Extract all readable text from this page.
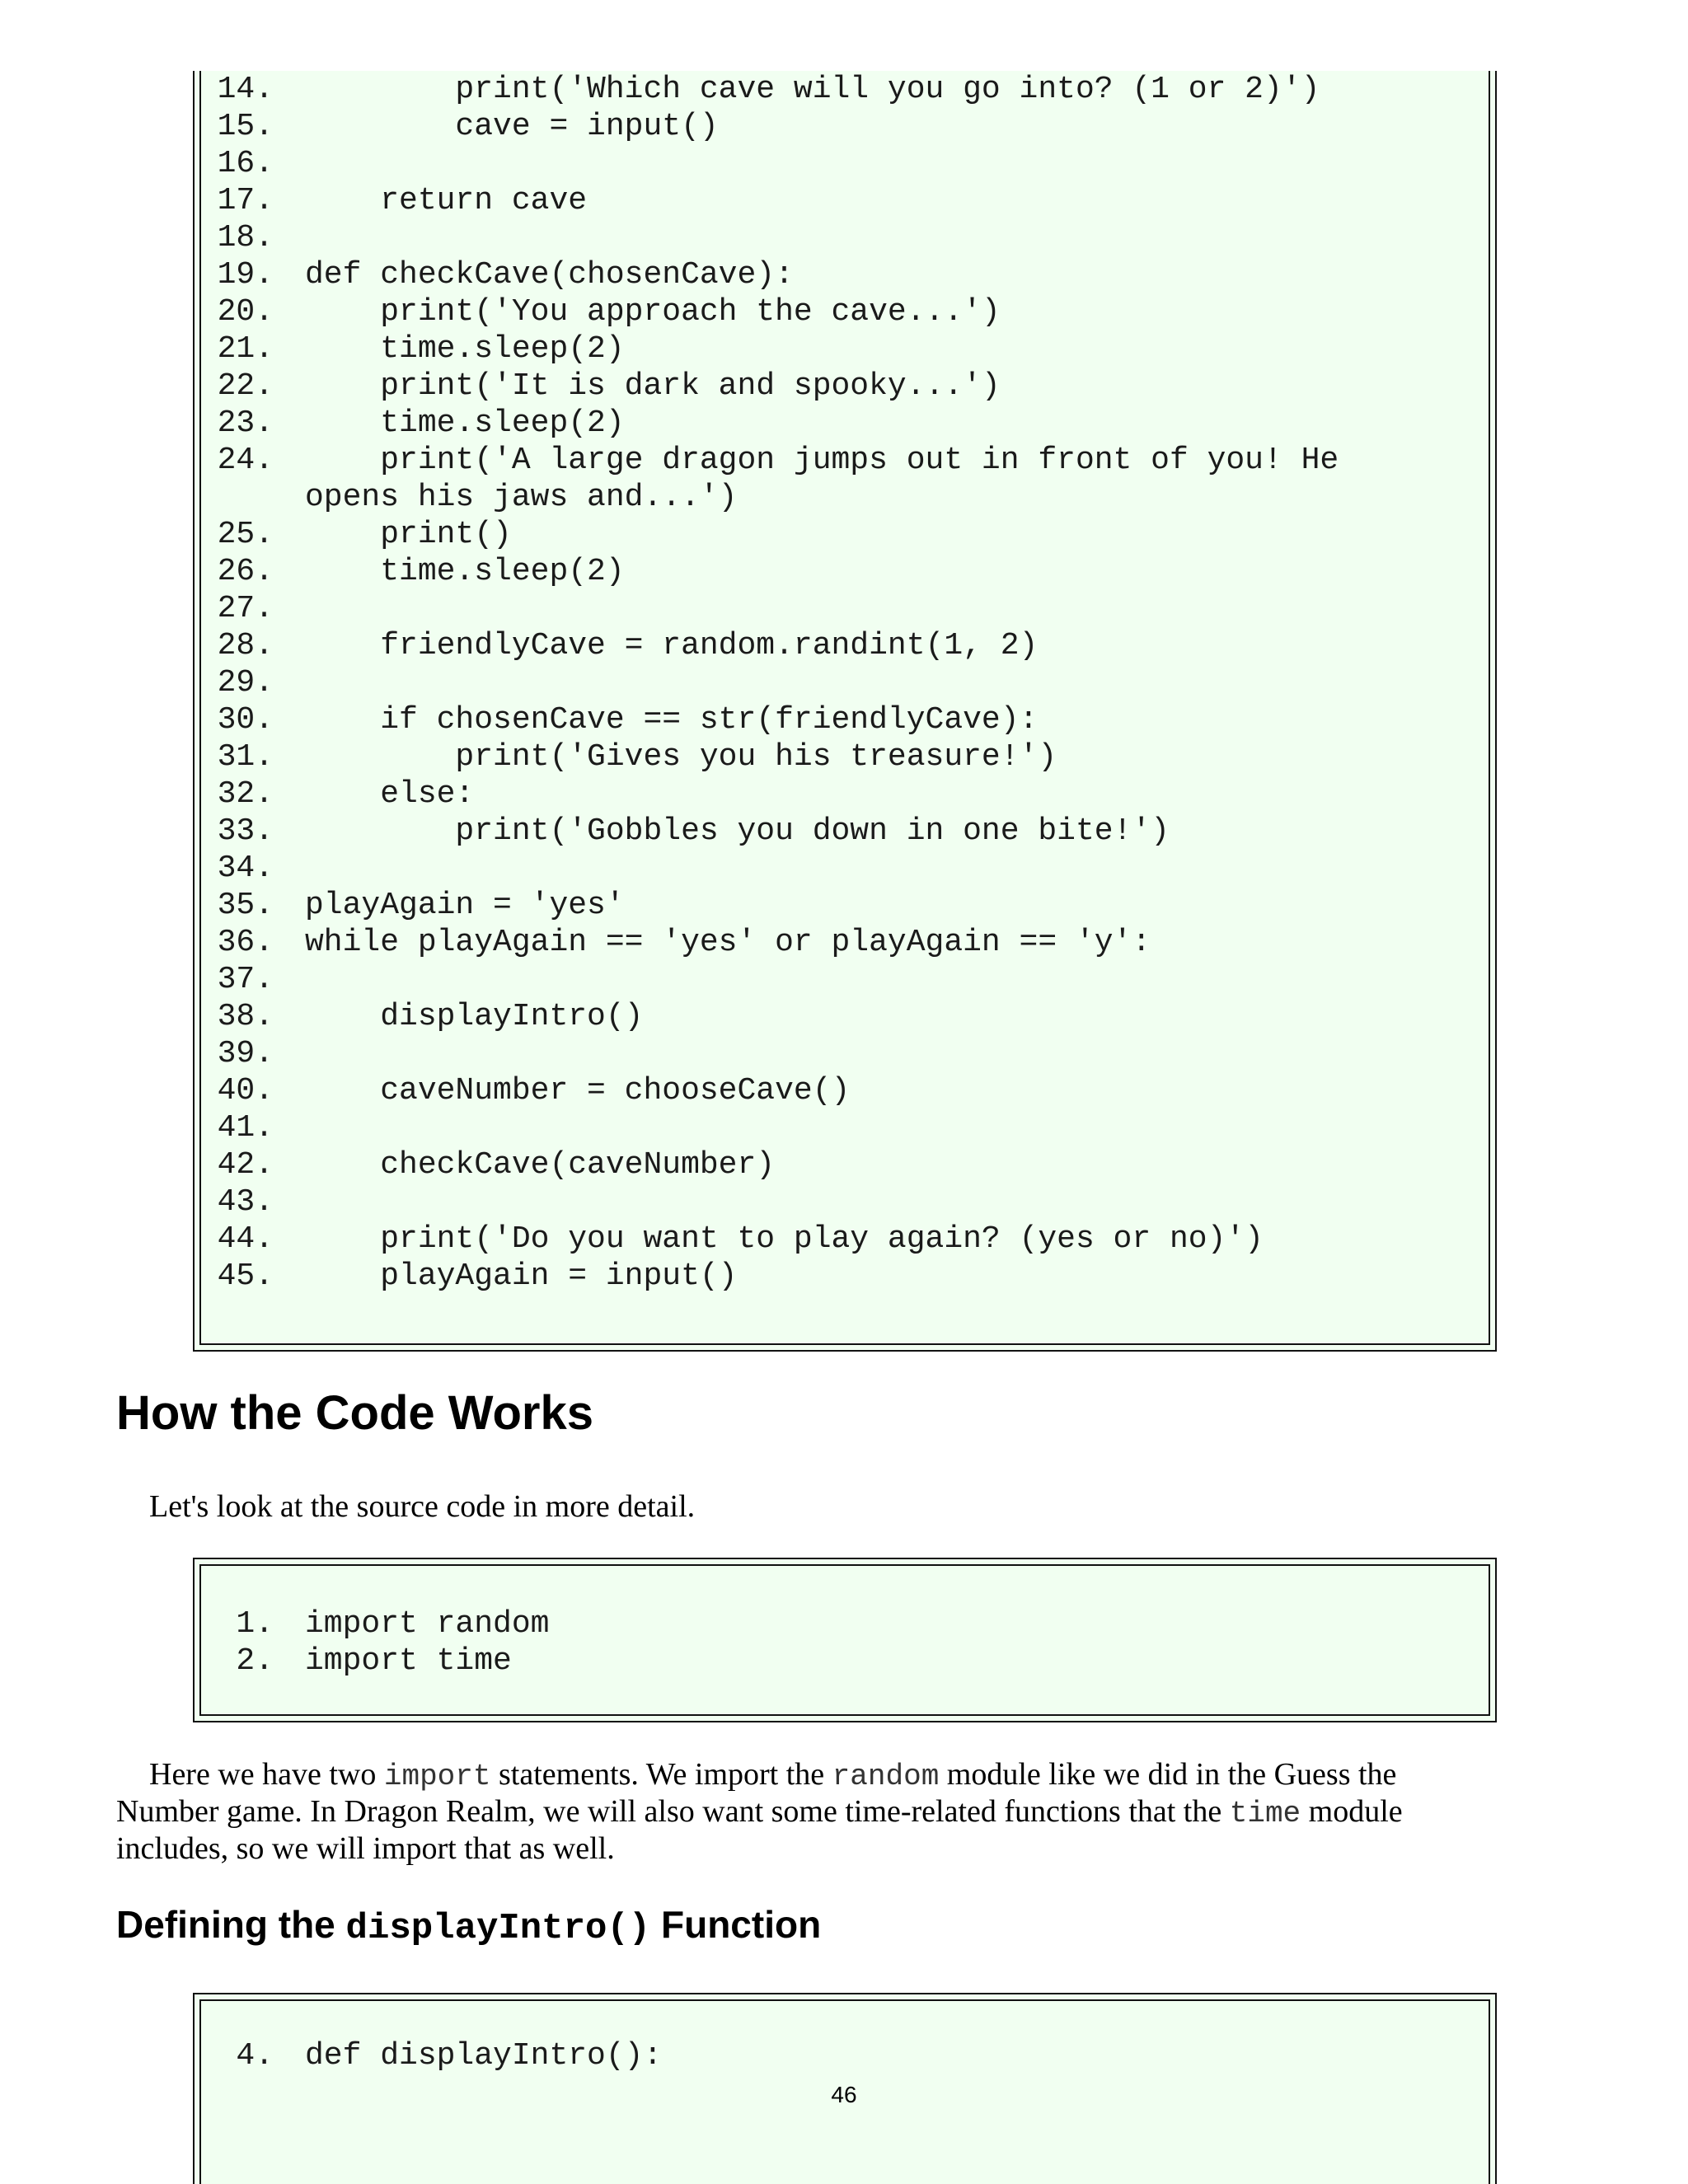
14. print('Which cave will you go into? (1 or 2)')
15. cave = input()
16.
17. return cave
18.
19. def checkCave(chosenCave):
20. print('You approach the cave...')
21. time.sleep(2)
22. print('It is dark and spooky...')
23. time.sleep(2)
24. print('A large dragon jumps out in front of you! He
opens his jaws and...')
25. print()
26. time.sleep(2)
27.
28. friendlyCave = random.randint(1, 2)
29.
30. if chosenCave == str(friendlyCave):
31. print('Gives you his treasure!')
32. else:
33. print('Gobbles you down in one bite!')
34.
35. playAgain = 'yes'
36. while playAgain == 'yes' or playAgain == 'y':
37.
38. displayIntro()
39.
40. caveNumber = chooseCave()
41.
42. checkCave(caveNumber)
43.
44. print('Do you want to play again? (yes or no)')
45. playAgain = input()
How the Code Works

Let's look at the source code in more detail.

1. import random
2. import time

Here we have two import statements. We import the random module like we did in the Guess the

Number game. In Dragon Realm, we will also want some time-related functions that the time module

includes, so we will import that as well.

Defining the displayIntro() Function
4. def displayIntro():
46
